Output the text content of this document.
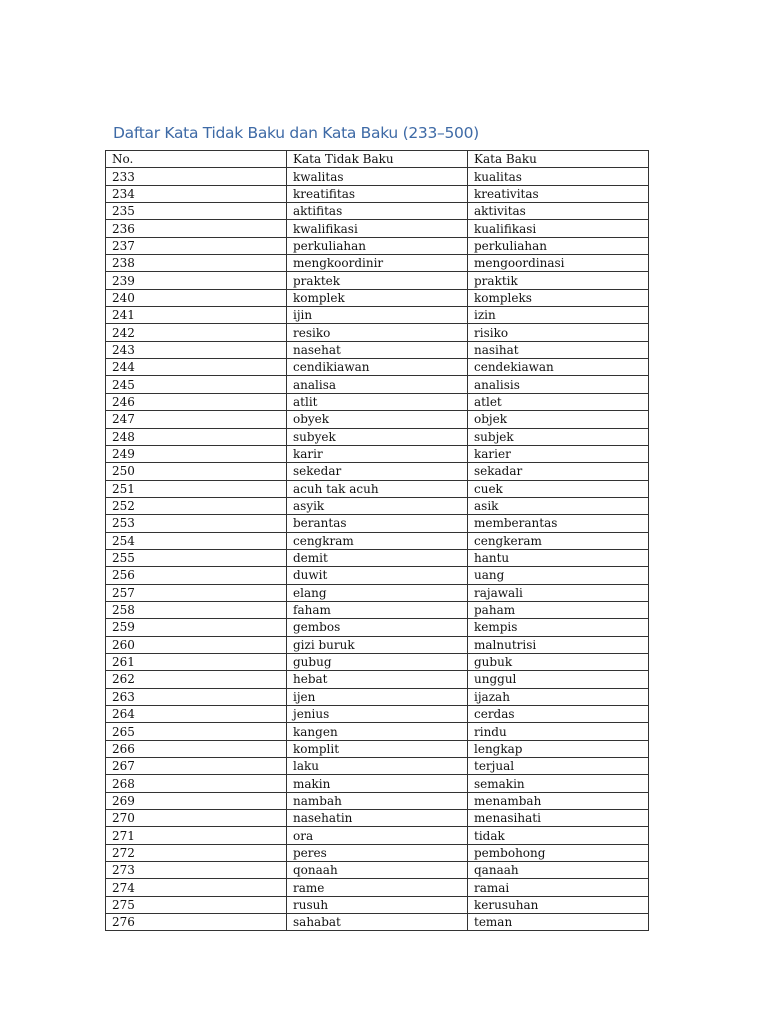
Daftar Kata Tidak Baku dan Kata Baku (233–500)
No.	Kata Tidak Baku	Kata Baku
233	kwalitas	kualitas
234	kreatifitas	kreativitas
235	aktifitas	aktivitas
236	kwalifikasi	kualifikasi
237	perkuliahan	perkuliahan
238	mengkoordinir	mengoordinasi
239	praktek	praktik
240	komplek	kompleks
241	ijin	izin
242	resiko	risiko
243	nasehat	nasihat
244	cendikiawan	cendekiawan
245	analisa	analisis
246	atlit	atlet
247	obyek	objek
248	subyek	subjek
249	karir	karier
250	sekedar	sekadar
251	acuh tak acuh	cuek
252	asyik	asik
253	berantas	memberantas
254	cengkram	cengkeram
255	demit	hantu
256	duwit	uang
257	elang	rajawali
258	faham	paham
259	gembos	kempis
260	gizi buruk	malnutrisi
261	gubug	gubuk
262	hebat	unggul
263	ijen	ijazah
264	jenius	cerdas
265	kangen	rindu
266	komplit	lengkap
267	laku	terjual
268	makin	semakin
269	nambah	menambah
270	nasehatin	menasihati
271	ora	tidak
272	peres	pembohong
273	qonaah	qanaah
274	rame	ramai
275	rusuh	kerusuhan
276	sahabat	teman
